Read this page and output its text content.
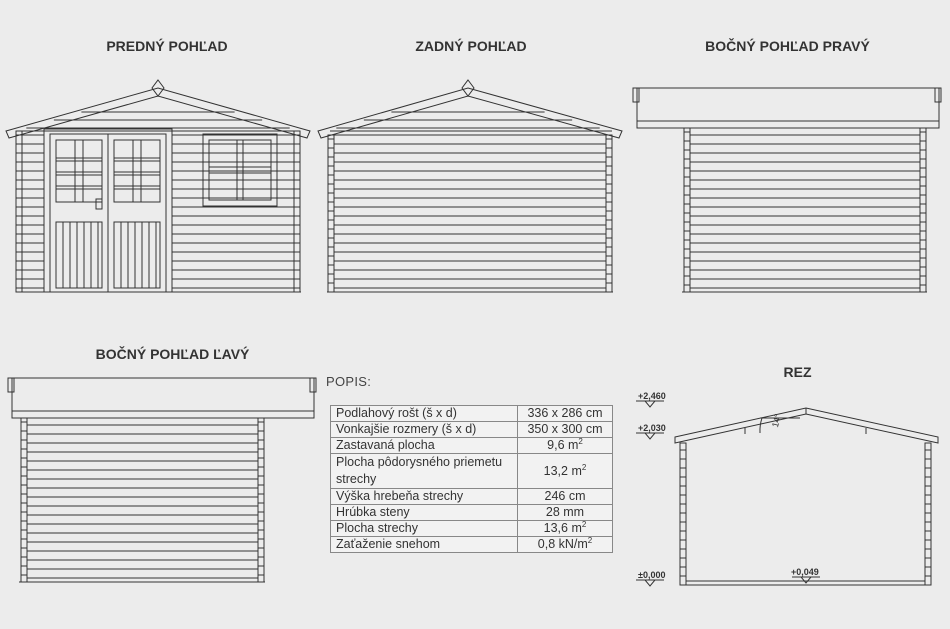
PREDNÝ POHĽAD	ZADNÝ POHĽAD	BOČNÝ POHĽAD PRAVÝ
BOČNÝ POHĽAD ĽAVÝ
REZ
POPIS:
Podlahový rošt (š x d)	336 x 286 cm
Vonkajšie rozmery (š x d)	350 x 300 cm
Zastavaná plocha	9,6 $m^2$
Plocha pôdorysného priemetu strechy	13,2 $m^2$
Výška hrebeňa strechy	246 cm
Hrúbka steny	28 mm
Plocha strechy	13,6 $m^2$
Zaťaženie snehom	0,8 $kN/m^2$
+2,460
+2,030
±0,000	+0,049
14°
